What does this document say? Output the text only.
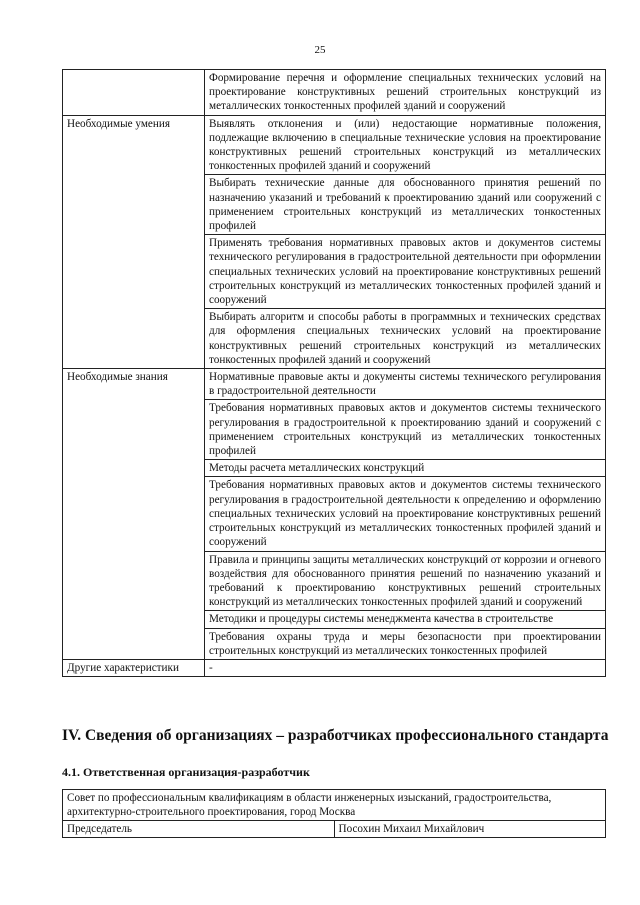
25
	Формирование перечня и оформление специальных технических условий на проектирование конструктивных решений строительных конструкций из металлических тонкостенных профилей зданий и сооружений
Необходимые умения	Выявлять отклонения и (или) недостающие нормативные положения, подлежащие включению в специальные технические условия на проектирование конструктивных решений строительных конструкций из металлических тонкостенных профилей зданий и сооружений
	Выбирать технические данные для обоснованного принятия решений по назначению указаний и требований к проектированию зданий или сооружений с применением строительных конструкций из металлических тонкостенных профилей
	Применять требования нормативных правовых актов и документов системы технического регулирования в градостроительной деятельности при оформлении специальных технических условий на проектирование конструктивных решений строительных конструкций из металлических тонкостенных профилей зданий и сооружений
	Выбирать алгоритм и способы работы в программных и технических средствах для оформления специальных технических условий на проектирование конструктивных решений строительных конструкций из металлических тонкостенных профилей зданий и сооружений
Необходимые знания	Нормативные правовые акты и документы системы технического регулирования в градостроительной деятельности
	Требования нормативных правовых актов и документов системы технического регулирования в градостроительной к проектированию зданий и сооружений с применением строительных конструкций из металлических тонкостенных профилей
	Методы расчета металлических конструкций
	Требования нормативных правовых актов и документов системы технического регулирования в градостроительной деятельности к определению и оформлению специальных технических условий на проектирование конструктивных решений строительных конструкций из металлических тонкостенных профилей зданий и сооружений
	Правила и принципы защиты металлических конструкций от коррозии и огневого воздействия для обоснованного принятия решений по назначению указаний и требований к проектированию конструктивных решений строительных конструкций из металлических тонкостенных профилей зданий и сооружений
	Методики и процедуры системы менеджмента качества в строительстве
	Требования охраны труда и меры безопасности при проектировании строительных конструкций из металлических тонкостенных профилей
Другие характеристики	-
IV. Сведения об организациях – разработчиках профессионального стандарта
4.1. Ответственная организация-разработчик
Совет по профессиональным квалификациям в области инженерных изысканий, градостроительства, архитектурно-строительного проектирования, город Москва
Председатель	Посохин Михаил Михайлович
